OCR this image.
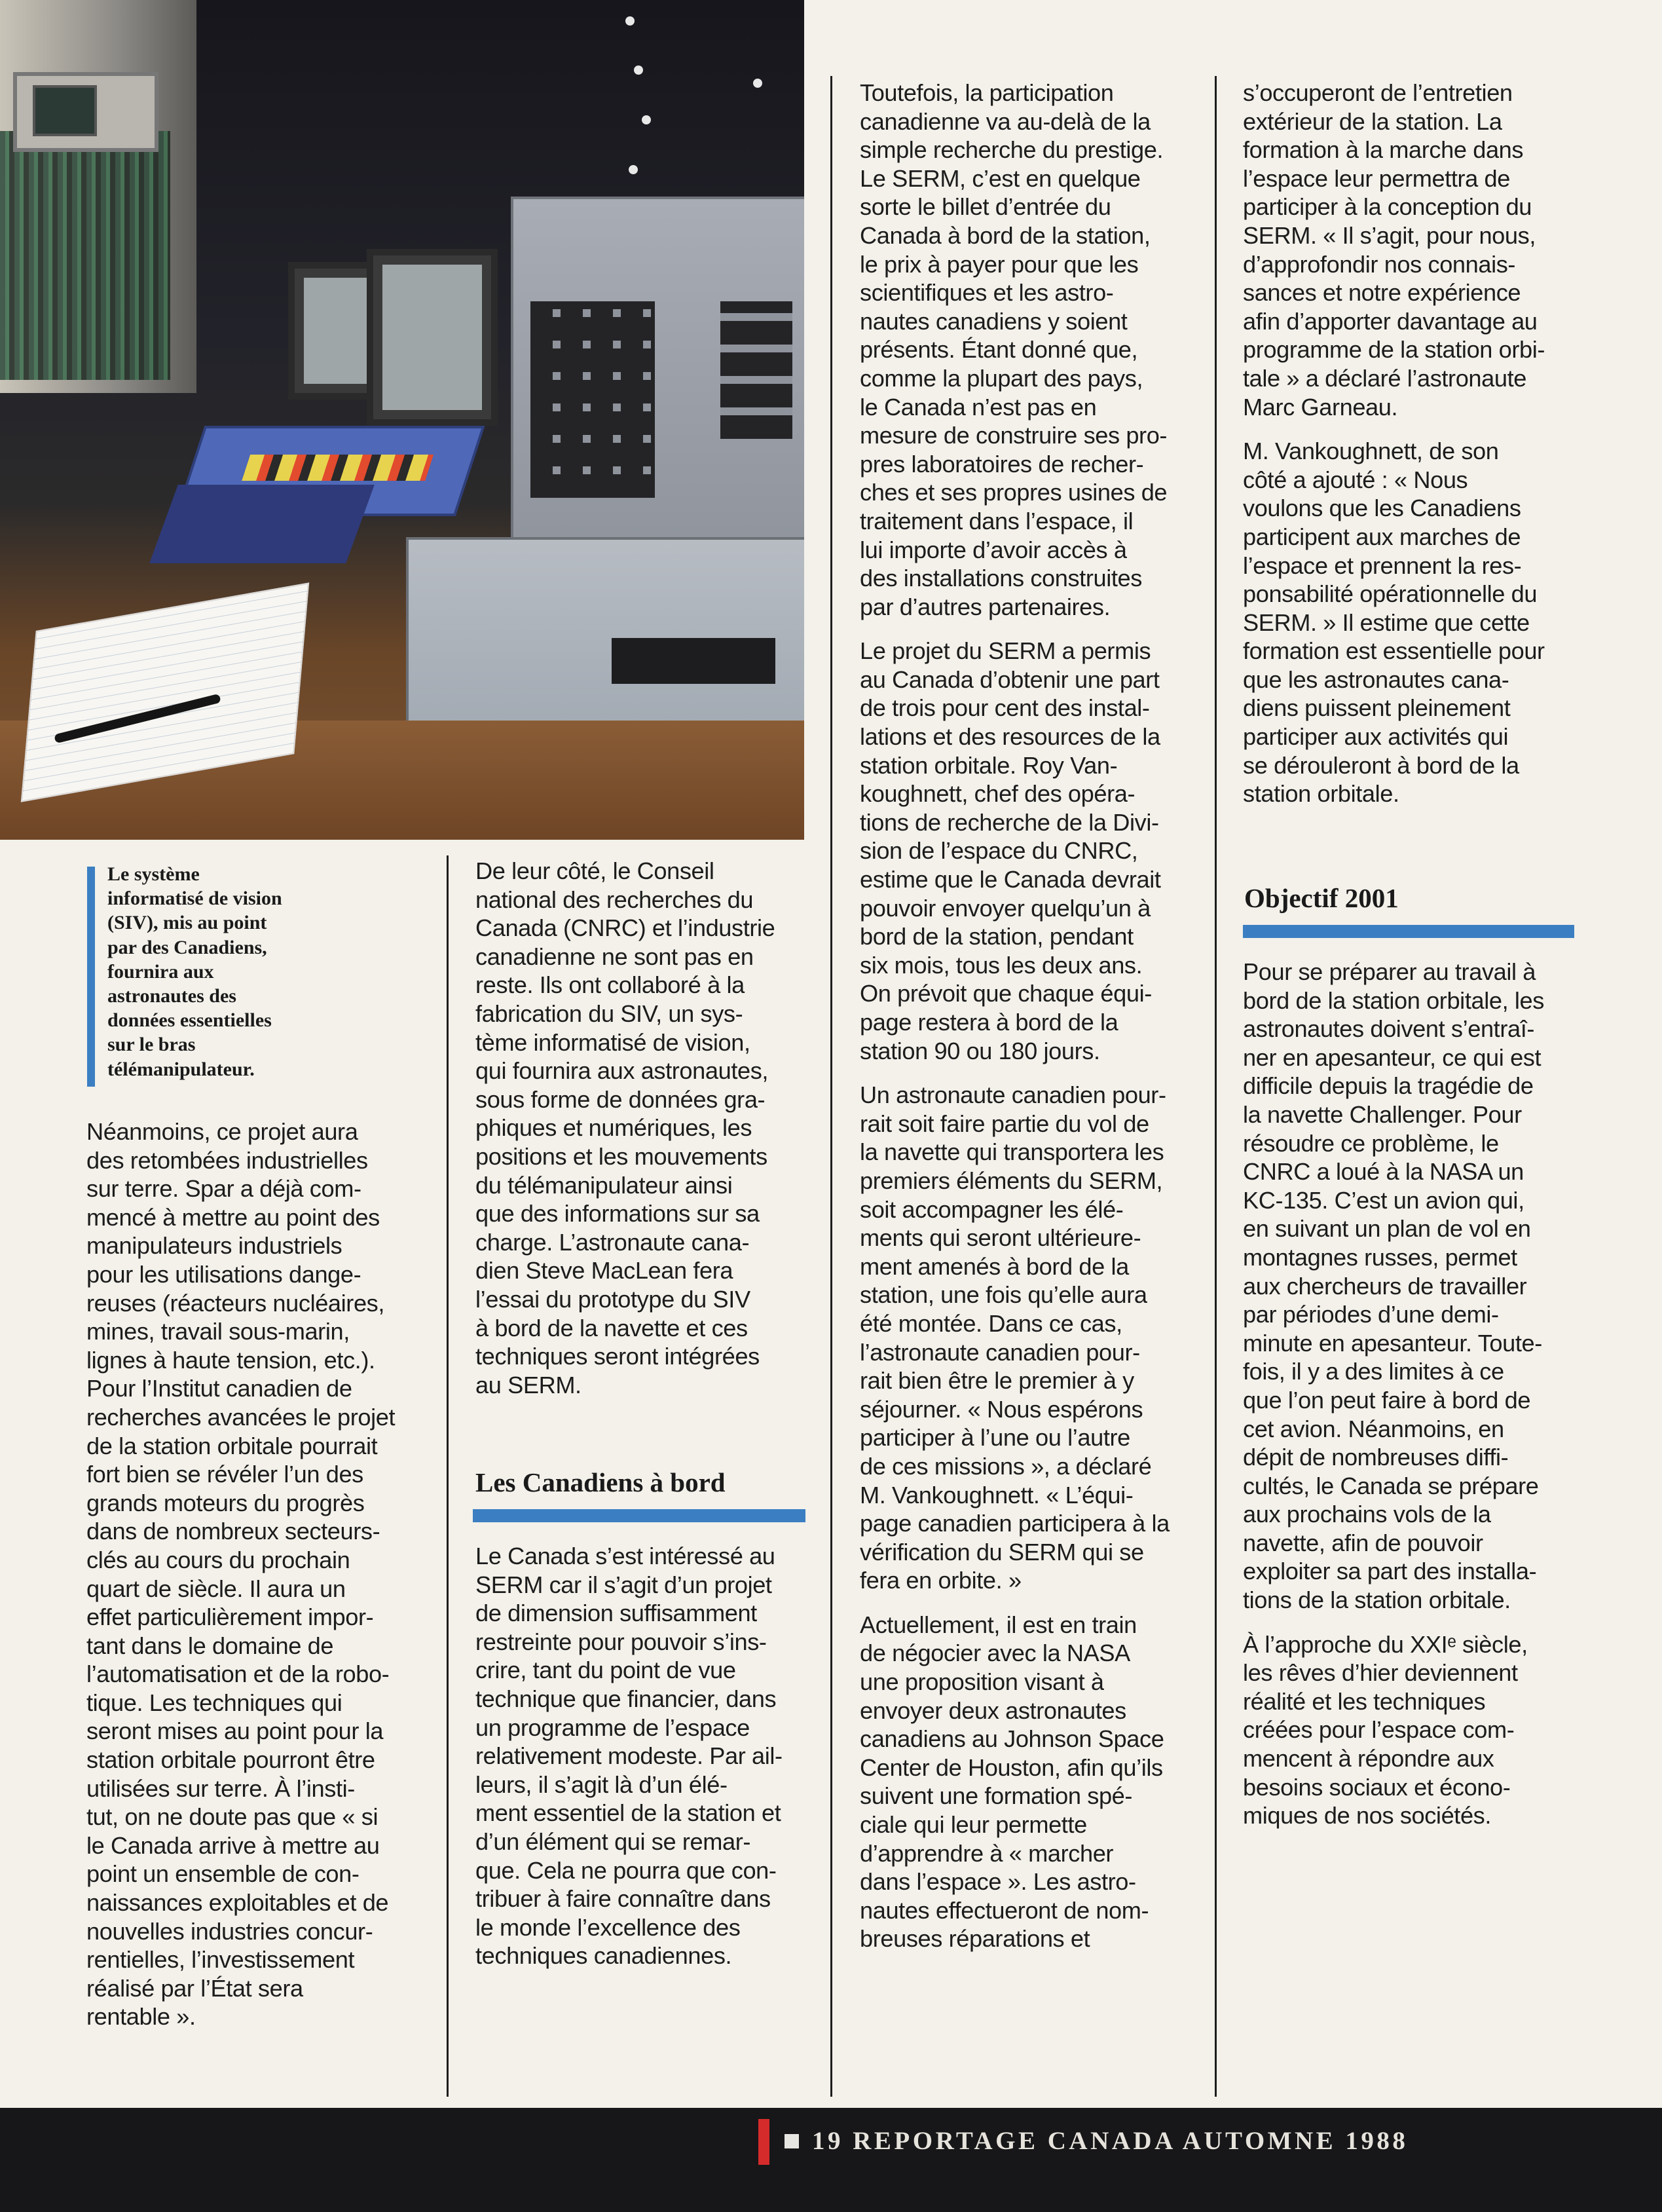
Le système
informatisé de vision
(SIV), mis au point
par des Canadiens,
fournira aux
astronautes des
données essentielles
sur le bras
télémanipulateur.

Néanmoins, ce projet aura
des retombées industrielles
sur terre. Spar a déjà com-
mencé à mettre au point des
manipulateurs industriels
pour les utilisations dange-
reuses (réacteurs nucléaires,
mines, travail sous-marin,
lignes à haute tension, etc.).
Pour l’Institut canadien de
recherches avancées le projet
de la station orbitale pourrait
fort bien se révéler l’un des
grands moteurs du progrès
dans de nombreux secteurs-
clés au cours du prochain
quart de siècle. Il aura un
effet particulièrement impor-
tant dans le domaine de
l’automatisation et de la robo-
tique. Les techniques qui
seront mises au point pour la
station orbitale pourront être
utilisées sur terre. À l’insti-
tut, on ne doute pas que « si
le Canada arrive à mettre au
point un ensemble de con-
naissances exploitables et de
nouvelles industries concur-
rentielles, l’investissement
réalisé par l’État sera
rentable ».

De leur côté, le Conseil
national des recherches du
Canada (CNRC) et l’industrie
canadienne ne sont pas en
reste. Ils ont collaboré à la
fabrication du SIV, un sys-
tème informatisé de vision,
qui fournira aux astronautes,
sous forme de données gra-
phiques et numériques, les
positions et les mouvements
du télémanipulateur ainsi
que des informations sur sa
charge. L’astronaute cana-
dien Steve MacLean fera
l’essai du prototype du SIV
à bord de la navette et ces
techniques seront intégrées
au SERM.

Les Canadiens à bord

Le Canada s’est intéressé au
SERM car il s’agit d’un projet
de dimension suffisamment
restreinte pour pouvoir s’ins-
crire, tant du point de vue
technique que financier, dans
un programme de l’espace
relativement modeste. Par ail-
leurs, il s’agit là d’un élé-
ment essentiel de la station et
d’un élément qui se remar-
que. Cela ne pourra que con-
tribuer à faire connaître dans
le monde l’excellence des
techniques canadiennes.

Toutefois, la participation
canadienne va au-delà de la
simple recherche du prestige.
Le SERM, c’est en quelque
sorte le billet d’entrée du
Canada à bord de la station,
le prix à payer pour que les
scientifiques et les astro-
nautes canadiens y soient
présents. Étant donné que,
comme la plupart des pays,
le Canada n’est pas en
mesure de construire ses pro-
pres laboratoires de recher-
ches et ses propres usines de
traitement dans l’espace, il
lui importe d’avoir accès à
des installations construites
par d’autres partenaires.

Le projet du SERM a permis
au Canada d’obtenir une part
de trois pour cent des instal-
lations et des resources de la
station orbitale. Roy Van-
koughnett, chef des opéra-
tions de recherche de la Divi-
sion de l’espace du CNRC,
estime que le Canada devrait
pouvoir envoyer quelqu’un à
bord de la station, pendant
six mois, tous les deux ans.
On prévoit que chaque équi-
page restera à bord de la
station 90 ou 180 jours.

Un astronaute canadien pour-
rait soit faire partie du vol de
la navette qui transportera les
premiers éléments du SERM,
soit accompagner les élé-
ments qui seront ultérieure-
ment amenés à bord de la
station, une fois qu’elle aura
été montée. Dans ce cas,
l’astronaute canadien pour-
rait bien être le premier à y
séjourner. « Nous espérons
participer à l’une ou l’autre
de ces missions », a déclaré
M. Vankoughnett. « L’équi-
page canadien participera à la
vérification du SERM qui se
fera en orbite. »

Actuellement, il est en train
de négocier avec la NASA
une proposition visant à
envoyer deux astronautes
canadiens au Johnson Space
Center de Houston, afin qu’ils
suivent une formation spé-
ciale qui leur permette
d’apprendre à « marcher
dans l’espace ». Les astro-
nautes effectueront de nom-
breuses réparations et

s’occuperont de l’entretien
extérieur de la station. La
formation à la marche dans
l’espace leur permettra de
participer à la conception du
SERM. « Il s’agit, pour nous,
d’approfondir nos connais-
sances et notre expérience
afin d’apporter davantage au
programme de la station orbi-
tale » a déclaré l’astronaute
Marc Garneau.

M. Vankoughnett, de son
côté a ajouté : « Nous
voulons que les Canadiens
participent aux marches de
l’espace et prennent la res-
ponsabilité opérationnelle du
SERM. » Il estime que cette
formation est essentielle pour
que les astronautes cana-
diens puissent pleinement
participer aux activités qui
se dérouleront à bord de la
station orbitale.

Objectif 2001

Pour se préparer au travail à
bord de la station orbitale, les
astronautes doivent s’entraî-
ner en apesanteur, ce qui est
difficile depuis la tragédie de
la navette Challenger. Pour
résoudre ce problème, le
CNRC a loué à la NASA un
KC-135. C’est un avion qui,
en suivant un plan de vol en
montagnes russes, permet
aux chercheurs de travailler
par périodes d’une demi-
minute en apesanteur. Toute-
fois, il y a des limites à ce
que l’on peut faire à bord de
cet avion. Néanmoins, en
dépit de nombreuses diffi-
cultés, le Canada se prépare
aux prochains vols de la
navette, afin de pouvoir
exploiter sa part des installa-
tions de la station orbitale.

À l’approche du XXIᵉ siècle,
les rêves d’hier deviennent
réalité et les techniques
créées pour l’espace com-
mencent à répondre aux
besoins sociaux et écono-
miques de nos sociétés.

19 REPORTAGE CANADA AUTOMNE 1988
